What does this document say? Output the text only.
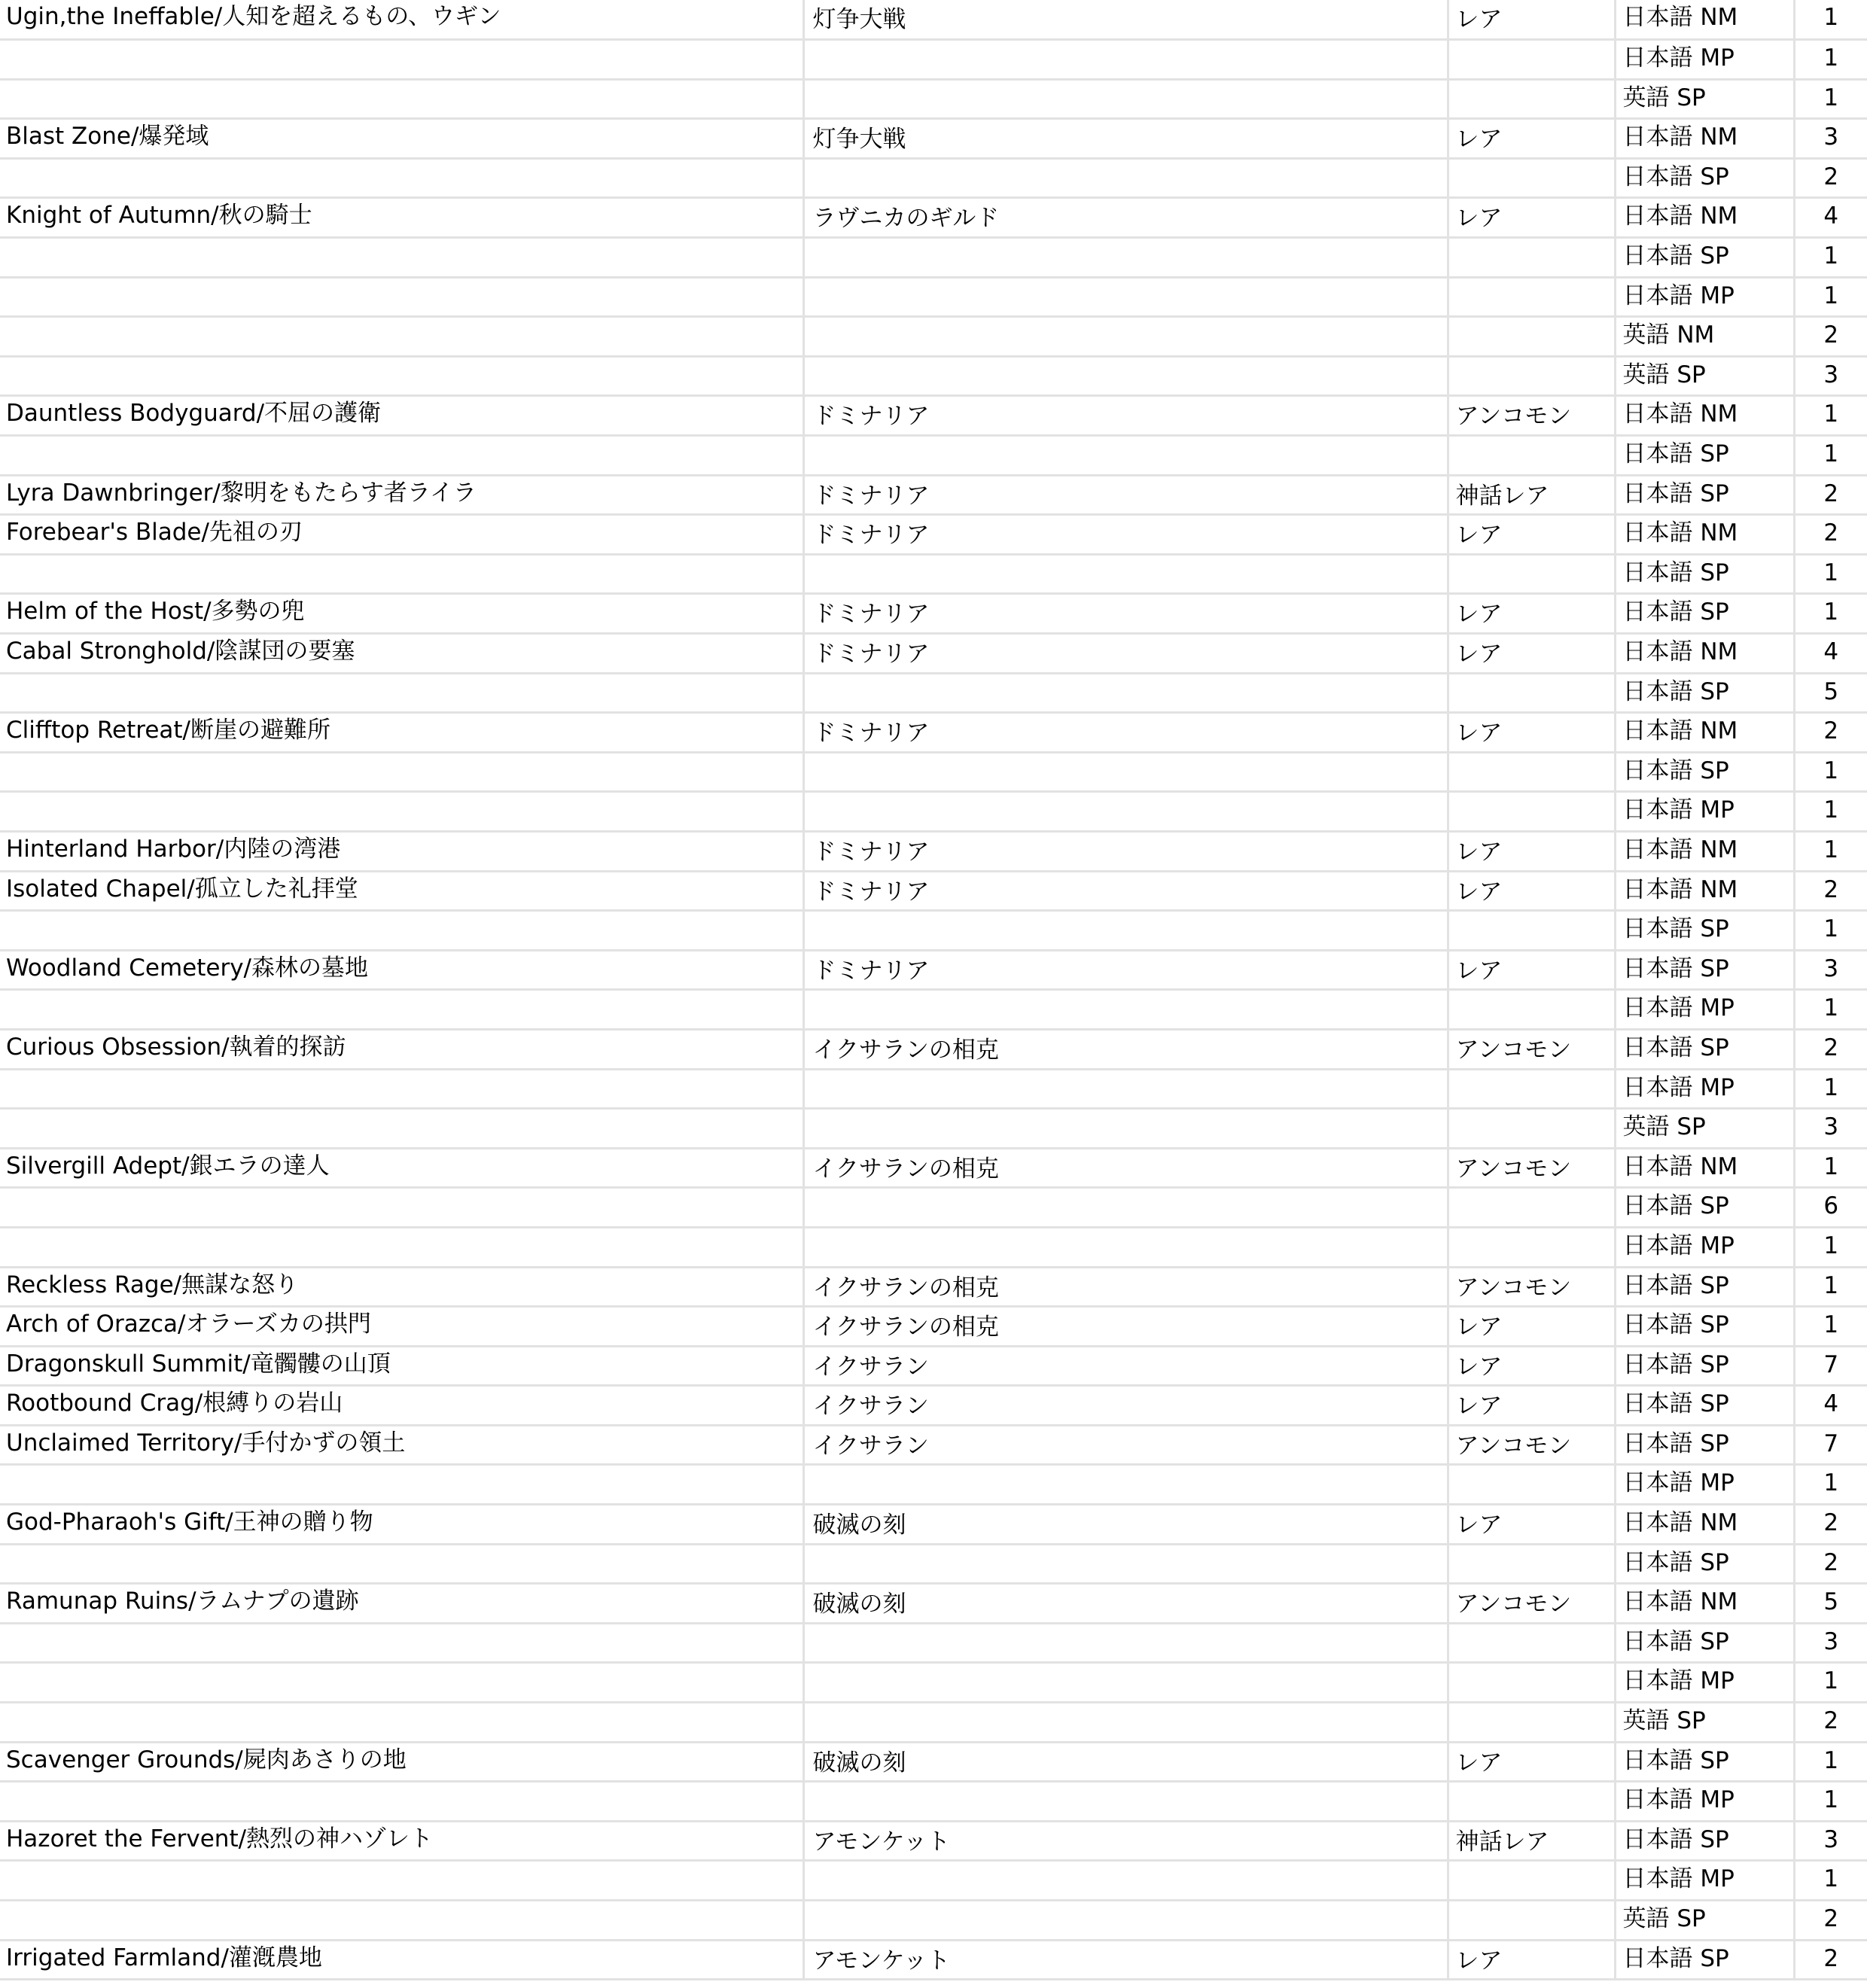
Ugin,the Ineffable/人知を超えるもの、ウギン	灯争大戦	レア	日本語 NM	1
			日本語 MP	1
			英語 SP	1
Blast Zone/爆発域	灯争大戦	レア	日本語 NM	3
			日本語 SP	2
Knight of Autumn/秋の騎士	ラヴニカのギルド	レア	日本語 NM	4
			日本語 SP	1
			日本語 MP	1
			英語 NM	2
			英語 SP	3
Dauntless Bodyguard/不屈の護衛	ドミナリア	アンコモン	日本語 NM	1
			日本語 SP	1
Lyra Dawnbringer/黎明をもたらす者ライラ	ドミナリア	神話レア	日本語 SP	2
Forebear's Blade/先祖の刃	ドミナリア	レア	日本語 NM	2
			日本語 SP	1
Helm of the Host/多勢の兜	ドミナリア	レア	日本語 SP	1
Cabal Stronghold/陰謀団の要塞	ドミナリア	レア	日本語 NM	4
			日本語 SP	5
Clifftop Retreat/断崖の避難所	ドミナリア	レア	日本語 NM	2
			日本語 SP	1
			日本語 MP	1
Hinterland Harbor/内陸の湾港	ドミナリア	レア	日本語 NM	1
Isolated Chapel/孤立した礼拝堂	ドミナリア	レア	日本語 NM	2
			日本語 SP	1
Woodland Cemetery/森林の墓地	ドミナリア	レア	日本語 SP	3
			日本語 MP	1
Curious Obsession/執着的探訪	イクサランの相克	アンコモン	日本語 SP	2
			日本語 MP	1
			英語 SP	3
Silvergill Adept/銀エラの達人	イクサランの相克	アンコモン	日本語 NM	1
			日本語 SP	6
			日本語 MP	1
Reckless Rage/無謀な怒り	イクサランの相克	アンコモン	日本語 SP	1
Arch of Orazca/オラーズカの拱門	イクサランの相克	レア	日本語 SP	1
Dragonskull Summit/竜髑髏の山頂	イクサラン	レア	日本語 SP	7
Rootbound Crag/根縛りの岩山	イクサラン	レア	日本語 SP	4
Unclaimed Territory/手付かずの領土	イクサラン	アンコモン	日本語 SP	7
			日本語 MP	1
God-Pharaoh's Gift/王神の贈り物	破滅の刻	レア	日本語 NM	2
			日本語 SP	2
Ramunap Ruins/ラムナプの遺跡	破滅の刻	アンコモン	日本語 NM	5
			日本語 SP	3
			日本語 MP	1
			英語 SP	2
Scavenger Grounds/屍肉あさりの地	破滅の刻	レア	日本語 SP	1
			日本語 MP	1
Hazoret the Fervent/熱烈の神ハゾレト	アモンケット	神話レア	日本語 SP	3
			日本語 MP	1
			英語 SP	2
Irrigated Farmland/灌漑農地	アモンケット	レア	日本語 SP	2
